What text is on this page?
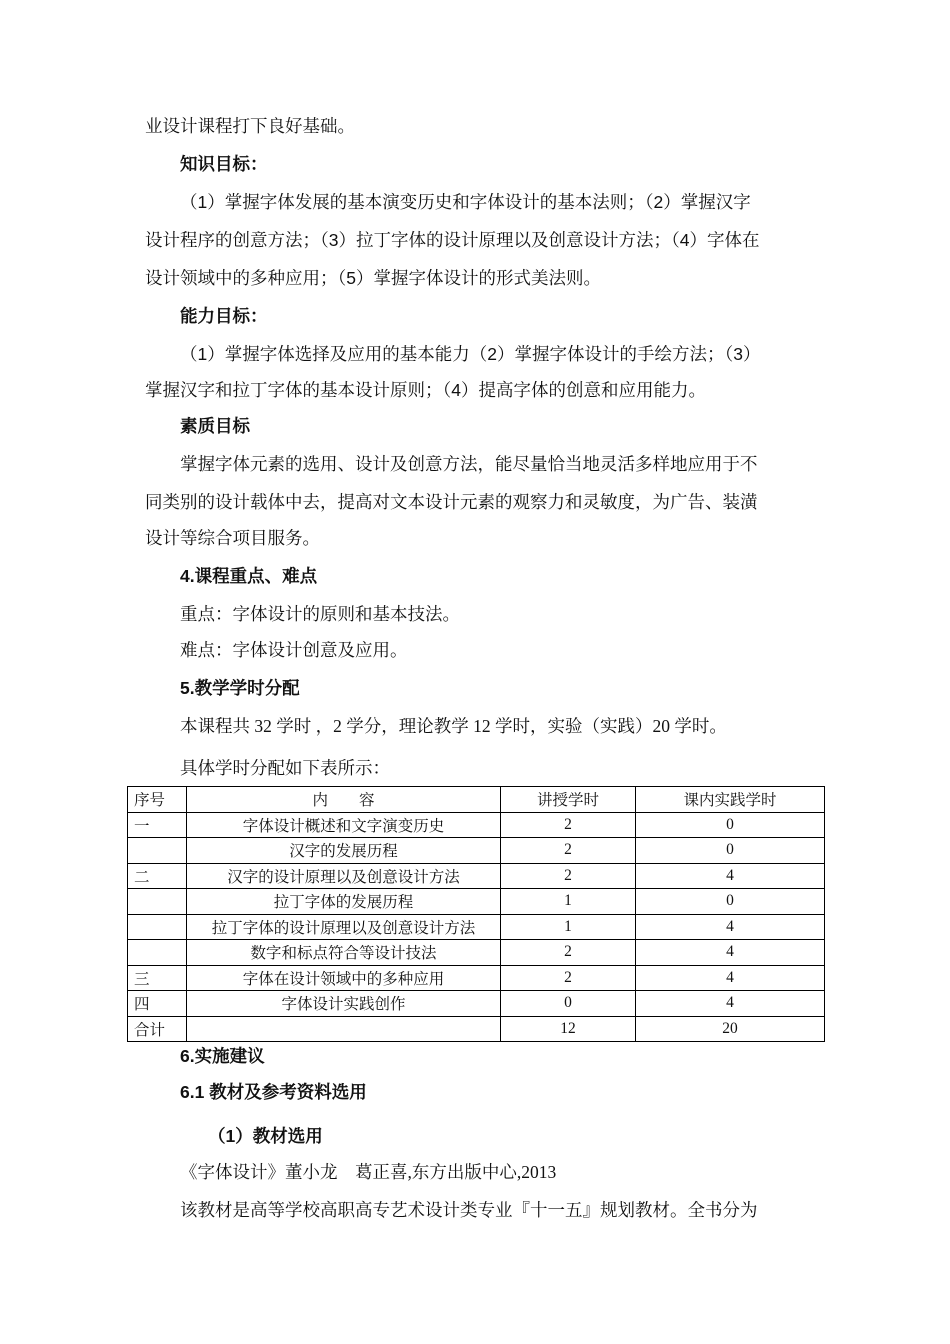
业设计课程打下良好基础。
知识目标：
（1）掌握字体发展的基本演变历史和字体设计的基本法则；（2）掌握汉字
设计程序的创意方法；（3）拉丁字体的设计原理以及创意设计方法；（4）字体在
设计领域中的多种应用；（5）掌握字体设计的形式美法则。
能力目标：
（1）掌握字体选择及应用的基本能力（2）掌握字体设计的手绘方法；（3）
掌握汉字和拉丁字体的基本设计原则；（4）提高字体的创意和应用能力。
素质目标
掌握字体元素的选用、设计及创意方法，能尽量恰当地灵活多样地应用于不
同类别的设计载体中去，提高对文本设计元素的观察力和灵敏度，为广告、装潢
设计等综合项目服务。
4.课程重点、难点
重点：字体设计的原则和基本技法。
难点：字体设计创意及应用。
5.教学学时分配
本课程共 32 学时 ，2 学分，理论教学 12 学时，实验（实践）20 学时。
具体学时分配如下表所示：
序号	内　　容	讲授学时	课内实践学时
一	字体设计概述和文字演变历史	2	0
	汉字的发展历程	2	0
二	汉字的设计原理以及创意设计方法	2	4
	拉丁字体的发展历程	1	0
	拉丁字体的设计原理以及创意设计方法	1	4
	数字和标点符合等设计技法	2	4
三	字体在设计领域中的多种应用	2	4
四	字体设计实践创作	0	4
合计		12	20
6.实施建议
6.1 教材及参考资料选用
（1）教材选用
《字体设计》董小龙　葛正喜,东方出版中心,2013
该教材是高等学校高职高专艺术设计类专业『十一五』规划教材。全书分为
